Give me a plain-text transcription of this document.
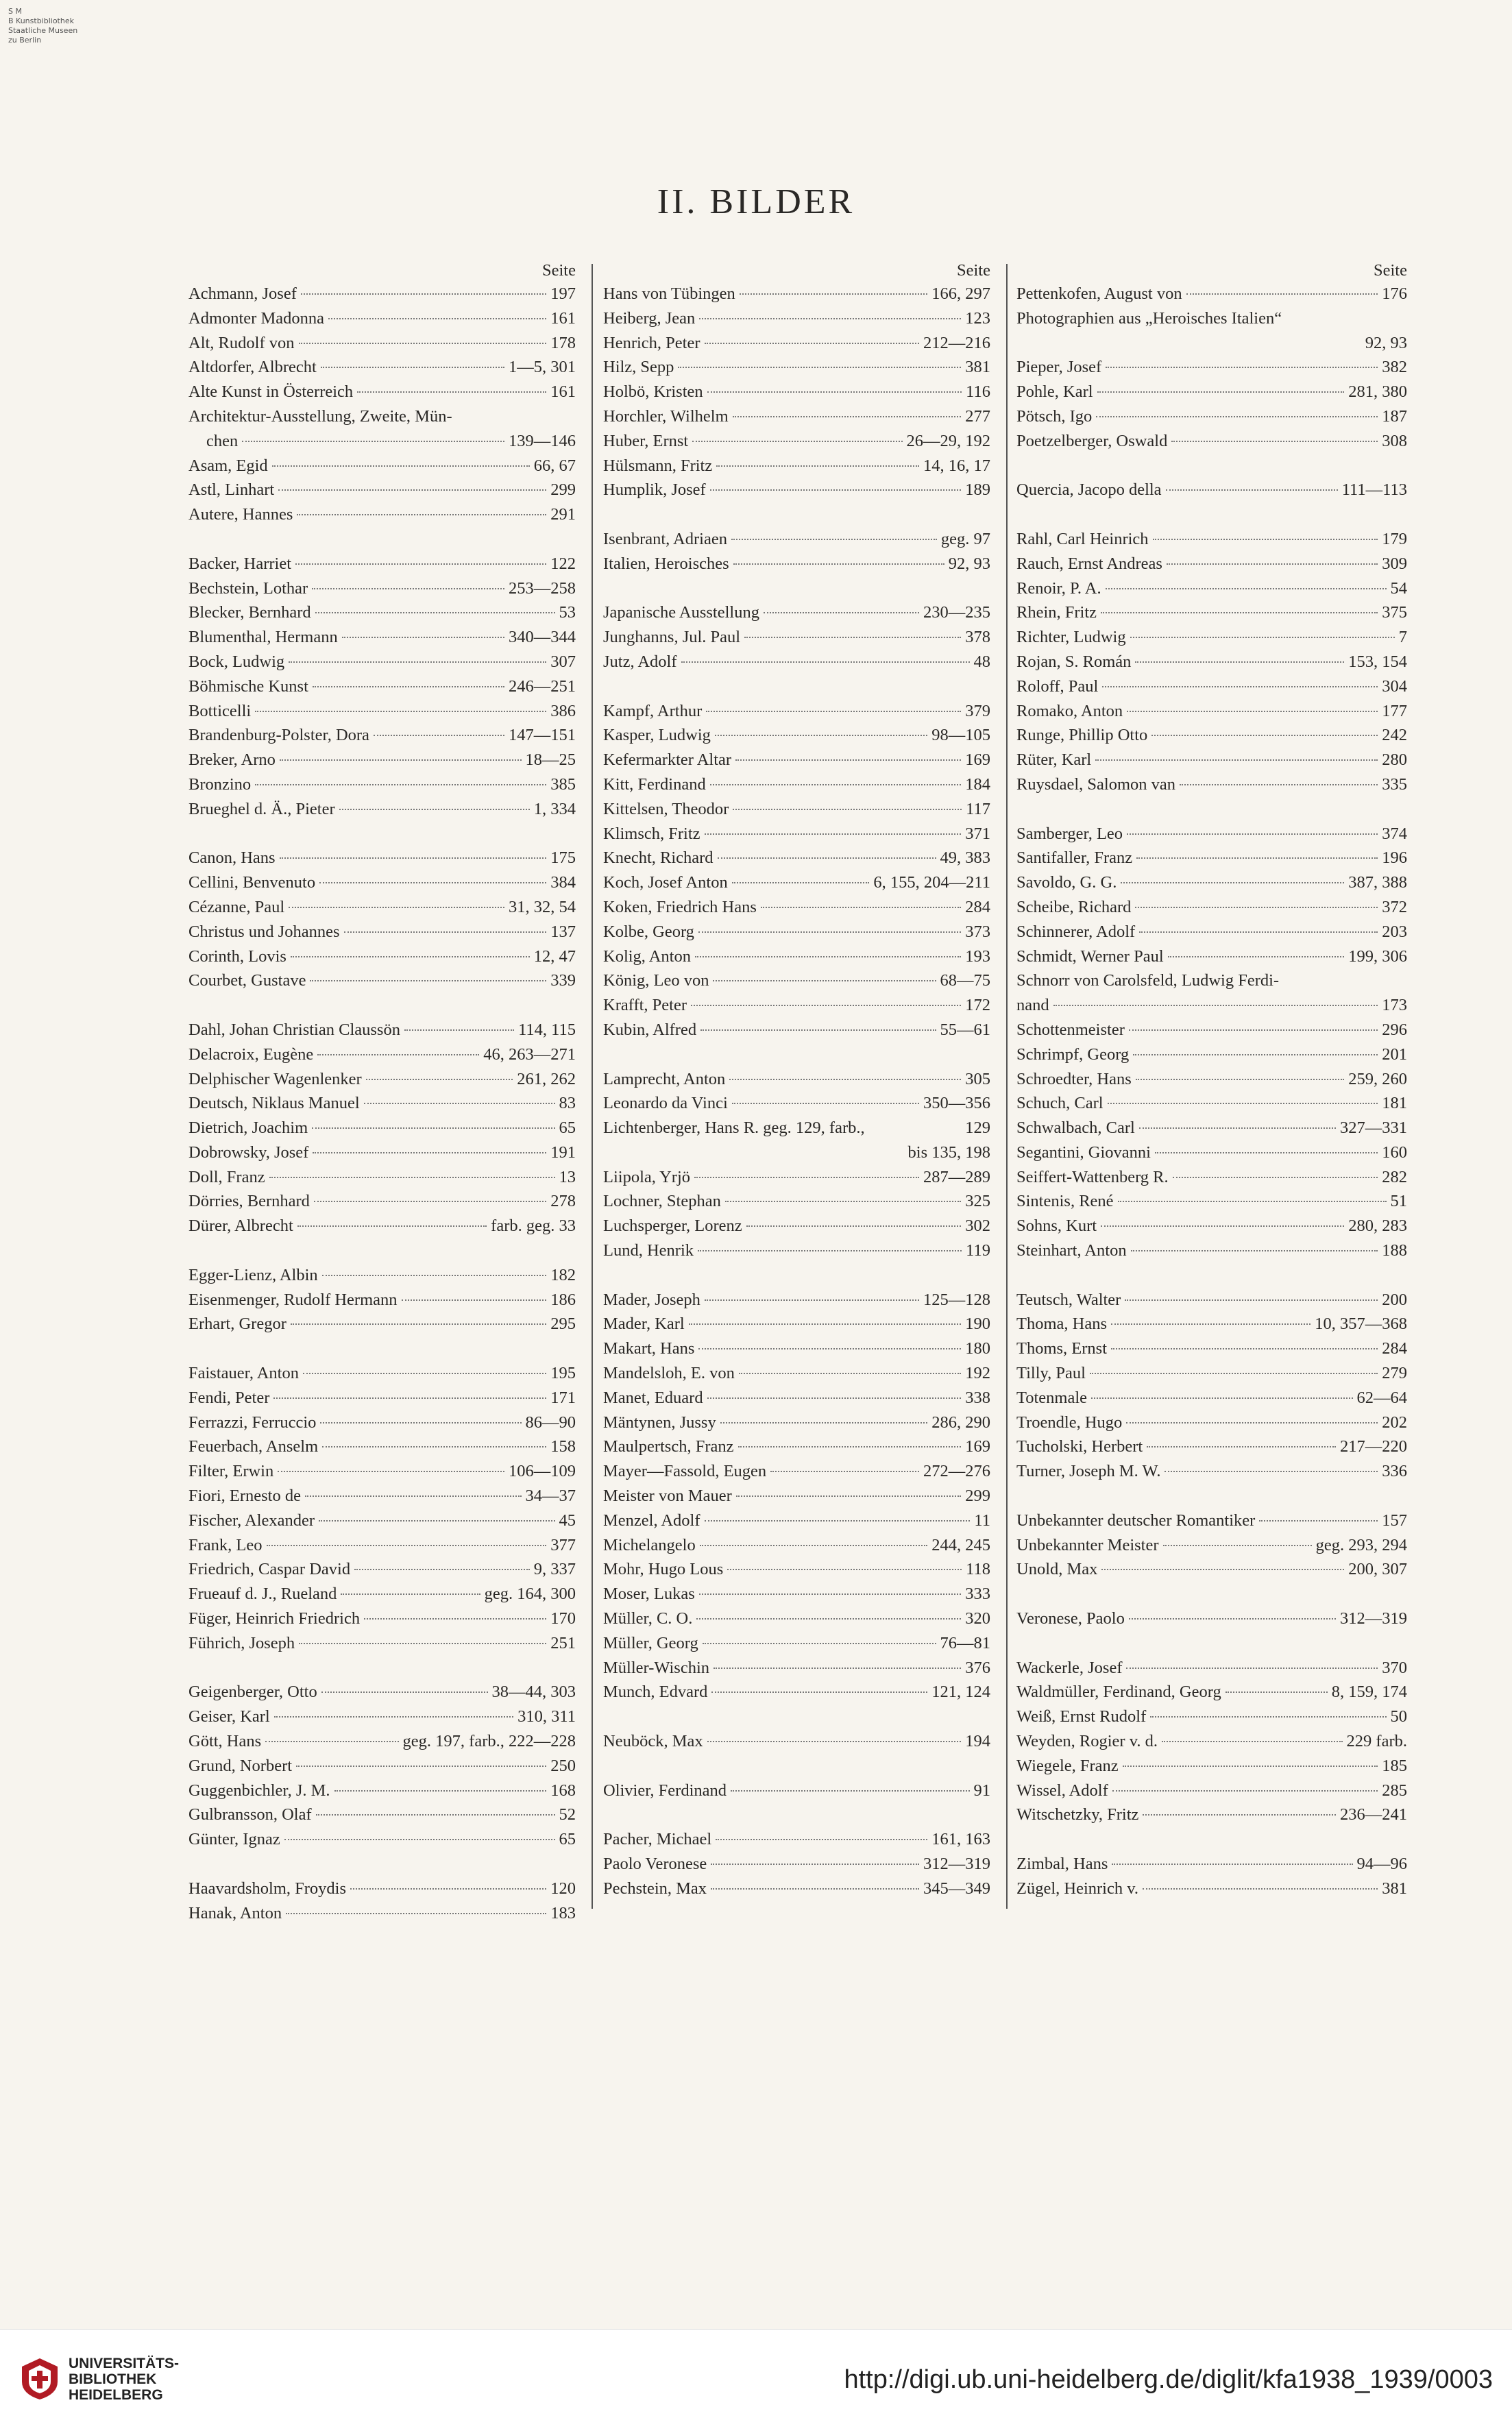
S M
B Kunstbibliothek
Staatliche Museen
zu Berlin
II. BILDER
Seite
Achmann, Josef	197
Admonter Madonna	161
Alt, Rudolf von	178
Altdorfer, Albrecht	1—5, 301
Alte Kunst in Österreich	161
Architektur-Ausstellung, Zweite, Mün-
chen	139—146
Asam, Egid	66, 67
Astl, Linhart	299
Autere, Hannes	291
Backer, Harriet	122
Bechstein, Lothar	253—258
Blecker, Bernhard	53
Blumenthal, Hermann	340—344
Bock, Ludwig	307
Böhmische Kunst	246—251
Botticelli	386
Brandenburg-Polster, Dora	147—151
Breker, Arno	18—25
Bronzino	385
Brueghel d. Ä., Pieter	1, 334
Canon, Hans	175
Cellini, Benvenuto	384
Cézanne, Paul	31, 32, 54
Christus und Johannes	137
Corinth, Lovis	12, 47
Courbet, Gustave	339
Dahl, Johan Christian Claussön	114, 115
Delacroix, Eugène	46, 263—271
Delphischer Wagenlenker	261, 262
Deutsch, Niklaus Manuel	83
Dietrich, Joachim	65
Dobrowsky, Josef	191
Doll, Franz	13
Dörries, Bernhard	278
Dürer, Albrecht	farb. geg. 33
Egger-Lienz, Albin	182
Eisenmenger, Rudolf Hermann	186
Erhart, Gregor	295
Faistauer, Anton	195
Fendi, Peter	171
Ferrazzi, Ferruccio	86—90
Feuerbach, Anselm	158
Filter, Erwin	106—109
Fiori, Ernesto de	34—37
Fischer, Alexander	45
Frank, Leo	377
Friedrich, Caspar David	9, 337
Frueauf d. J., Rueland	geg. 164, 300
Füger, Heinrich Friedrich	170
Führich, Joseph	251
Geigenberger, Otto	38—44, 303
Geiser, Karl	310, 311
Gött, Hans	geg. 197, farb., 222—228
Grund, Norbert	250
Guggenbichler, J. M.	168
Gulbransson, Olaf	52
Günter, Ignaz	65
Haavardsholm, Froydis	120
Hanak, Anton	183
Seite
Hans von Tübingen	166, 297
Heiberg, Jean	123
Henrich, Peter	212—216
Hilz, Sepp	381
Holbö, Kristen	116
Horchler, Wilhelm	277
Huber, Ernst	26—29, 192
Hülsmann, Fritz	14, 16, 17
Humplik, Josef	189
Isenbrant, Adriaen	geg. 97
Italien, Heroisches	92, 93
Japanische Ausstellung	230—235
Junghanns, Jul. Paul	378
Jutz, Adolf	48
Kampf, Arthur	379
Kasper, Ludwig	98—105
Kefermarkter Altar	169
Kitt, Ferdinand	184
Kittelsen, Theodor	117
Klimsch, Fritz	371
Knecht, Richard	49, 383
Koch, Josef Anton	6, 155, 204—211
Koken, Friedrich Hans	284
Kolbe, Georg	373
Kolig, Anton	193
König, Leo von	68—75
Krafft, Peter	172
Kubin, Alfred	55—61
Lamprecht, Anton	305
Leonardo da Vinci	350—356
Lichtenberger, Hans R. geg. 129, farb.,	129
bis 135, 198
Liipola, Yrjö	287—289
Lochner, Stephan	325
Luchsperger, Lorenz	302
Lund, Henrik	119
Mader, Joseph	125—128
Mader, Karl	190
Makart, Hans	180
Mandelsloh, E. von	192
Manet, Eduard	338
Mäntynen, Jussy	286, 290
Maulpertsch, Franz	169
Mayer—Fassold, Eugen	272—276
Meister von Mauer	299
Menzel, Adolf	11
Michelangelo	244, 245
Mohr, Hugo Lous	118
Moser, Lukas	333
Müller, C. O.	320
Müller, Georg	76—81
Müller-Wischin	376
Munch, Edvard	121, 124
Neuböck, Max	194
Olivier, Ferdinand	91
Pacher, Michael	161, 163
Paolo Veronese	312—319
Pechstein, Max	345—349
Seite
Pettenkofen, August von	176
Photographien aus „Heroisches Italien“
92, 93
Pieper, Josef	382
Pohle, Karl	281, 380
Pötsch, Igo	187
Poetzelberger, Oswald	308
Quercia, Jacopo della	111—113
Rahl, Carl Heinrich	179
Rauch, Ernst Andreas	309
Renoir, P. A.	54
Rhein, Fritz	375
Richter, Ludwig	7
Rojan, S. Román	153, 154
Roloff, Paul	304
Romako, Anton	177
Runge, Phillip Otto	242
Rüter, Karl	280
Ruysdael, Salomon van	335
Samberger, Leo	374
Santifaller, Franz	196
Savoldo, G. G.	387, 388
Scheibe, Richard	372
Schinnerer, Adolf	203
Schmidt, Werner Paul	199, 306
Schnorr von Carolsfeld, Ludwig Ferdi-
nand	173
Schottenmeister	296
Schrimpf, Georg	201
Schroedter, Hans	259, 260
Schuch, Carl	181
Schwalbach, Carl	327—331
Segantini, Giovanni	160
Seiffert-Wattenberg R.	282
Sintenis, René	51
Sohns, Kurt	280, 283
Steinhart, Anton	188
Teutsch, Walter	200
Thoma, Hans	10, 357—368
Thoms, Ernst	284
Tilly, Paul	279
Totenmale	62—64
Troendle, Hugo	202
Tucholski, Herbert	217—220
Turner, Joseph M. W.	336
Unbekannter deutscher Romantiker	157
Unbekannter Meister	geg. 293, 294
Unold, Max	200, 307
Veronese, Paolo	312—319
Wackerle, Josef	370
Waldmüller, Ferdinand, Georg	8, 159, 174
Weiß, Ernst Rudolf	50
Weyden, Rogier v. d.	229 farb.
Wiegele, Franz	185
Wissel, Adolf	285
Witschetzky, Fritz	236—241
Zimbal, Hans	94—96
Zügel, Heinrich v.	381
UNIVERSITÄTS-
BIBLIOTHEK
HEIDELBERG
http://digi.ub.uni-heidelberg.de/diglit/kfa1938_1939/0003
